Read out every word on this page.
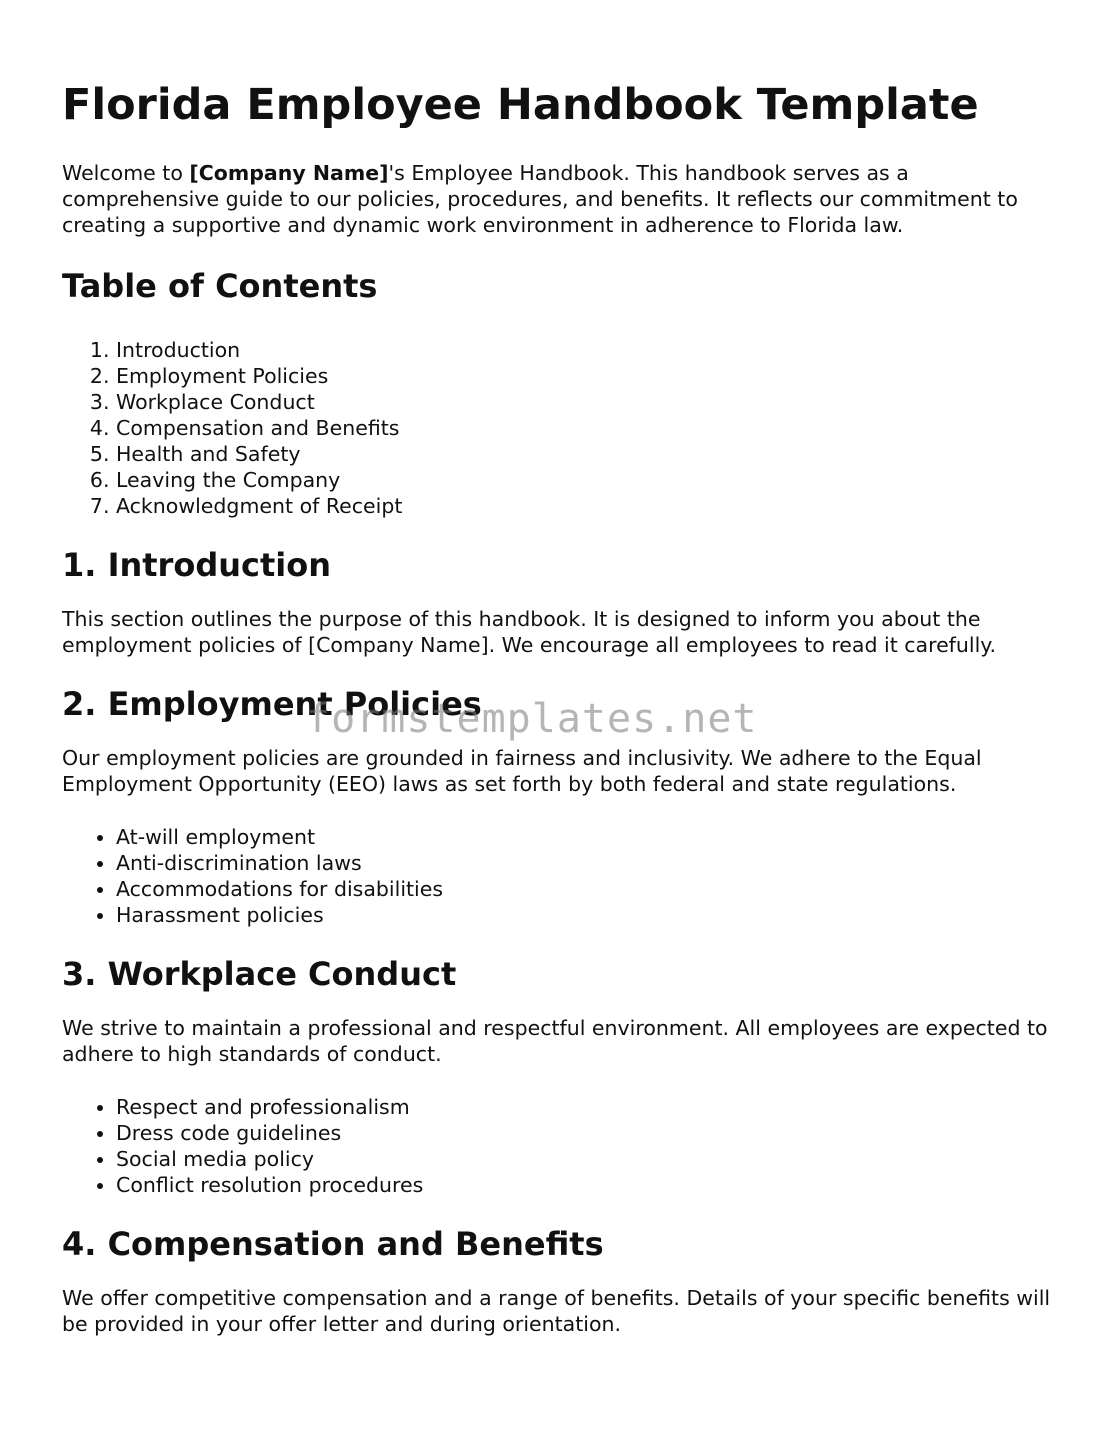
Florida Employee Handbook Template

Welcome to [Company Name]'s Employee Handbook. This handbook serves as a comprehensive guide to our policies, procedures, and benefits. It reflects our commitment to creating a supportive and dynamic work environment in adherence to Florida law.

Table of Contents
1. Introduction
2. Employment Policies
3. Workplace Conduct
4. Compensation and Benefits
5. Health and Safety
6. Leaving the Company
7. Acknowledgment of Receipt
1. Introduction

This section outlines the purpose of this handbook. It is designed to inform you about the employment policies of [Company Name]. We encourage all employees to read it carefully.

2. Employment Policies

Our employment policies are grounded in fairness and inclusivity. We adhere to the Equal Employment Opportunity (EEO) laws as set forth by both federal and state regulations.

• At-will employment
• Anti-discrimination laws
• Accommodations for disabilities
• Harassment policies
3. Workplace Conduct

We strive to maintain a professional and respectful environment. All employees are expected to adhere to high standards of conduct.

• Respect and professionalism
• Dress code guidelines
• Social media policy
• Conflict resolution procedures
4. Compensation and Benefits

We offer competitive compensation and a range of benefits. Details of your specific benefits will be provided in your offer letter and during orientation.

formstemplates.net
